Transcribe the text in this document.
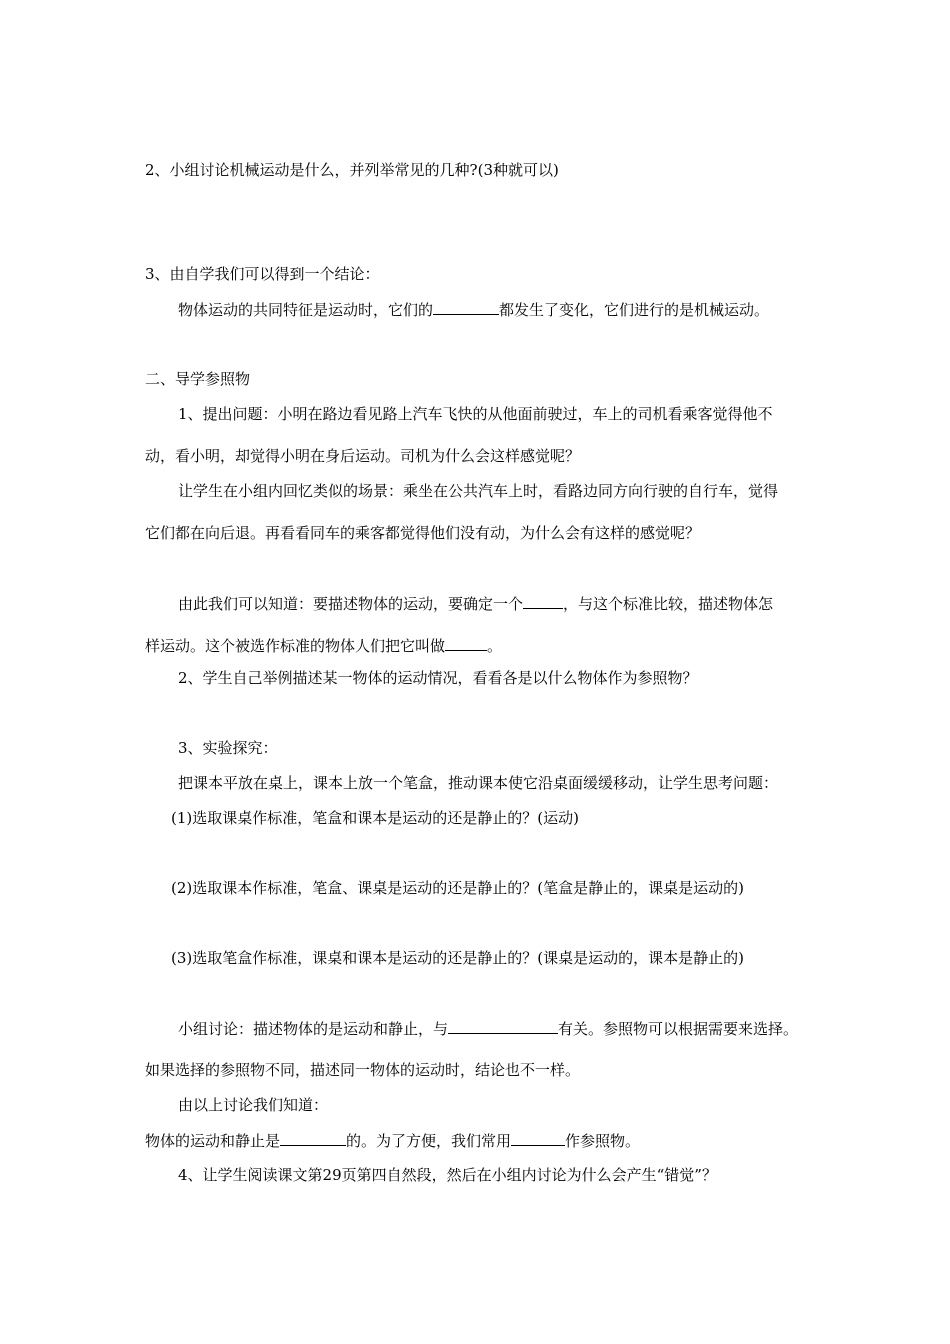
2、小组讨论机械运动是什么，并列举常见的几种?(3种就可以)
3、由自学我们可以得到一个结论：
物体运动的共同特征是运动时，它们的	都发生了变化，它们进行的是机械运动。
二、导学参照物
1、提出问题：小明在路边看见路上汽车飞快的从他面前驶过，车上的司机看乘客觉得他不
动，看小明，却觉得小明在身后运动。司机为什么会这样感觉呢？
让学生在小组内回忆类似的场景：乘坐在公共汽车上时，看路边同方向行驶的自行车，觉得
它们都在向后退。再看看同车的乘客都觉得他们没有动，为什么会有这样的感觉呢？
由此我们可以知道：要描述物体的运动，要确定一个	，与这个标准比较，描述物体怎
样运动。这个被选作标准的物体人们把它叫做	。
2、学生自己举例描述某一物体的运动情况，看看各是以什么物体作为参照物？
3、实验探究：
把课本平放在桌上，课本上放一个笔盒，推动课本使它沿桌面缓缓移动，让学生思考问题：
(1)选取课桌作标准，笔盒和课本是运动的还是静止的？(运动)
(2)选取课本作标准，笔盒、课桌是运动的还是静止的？(笔盒是静止的，课桌是运动的)
(3)选取笔盒作标准，课桌和课本是运动的还是静止的？(课桌是运动的，课本是静止的)
小组讨论：描述物体的是运动和静止，与	有关。参照物可以根据需要来选择。
如果选择的参照物不同，描述同一物体的运动时，结论也不一样。
由以上讨论我们知道：
物体的运动和静止是	的。为了方便，我们常用	作参照物。
4、让学生阅读课文第29页第四自然段，然后在小组内讨论为什么会产生“错觉”？
